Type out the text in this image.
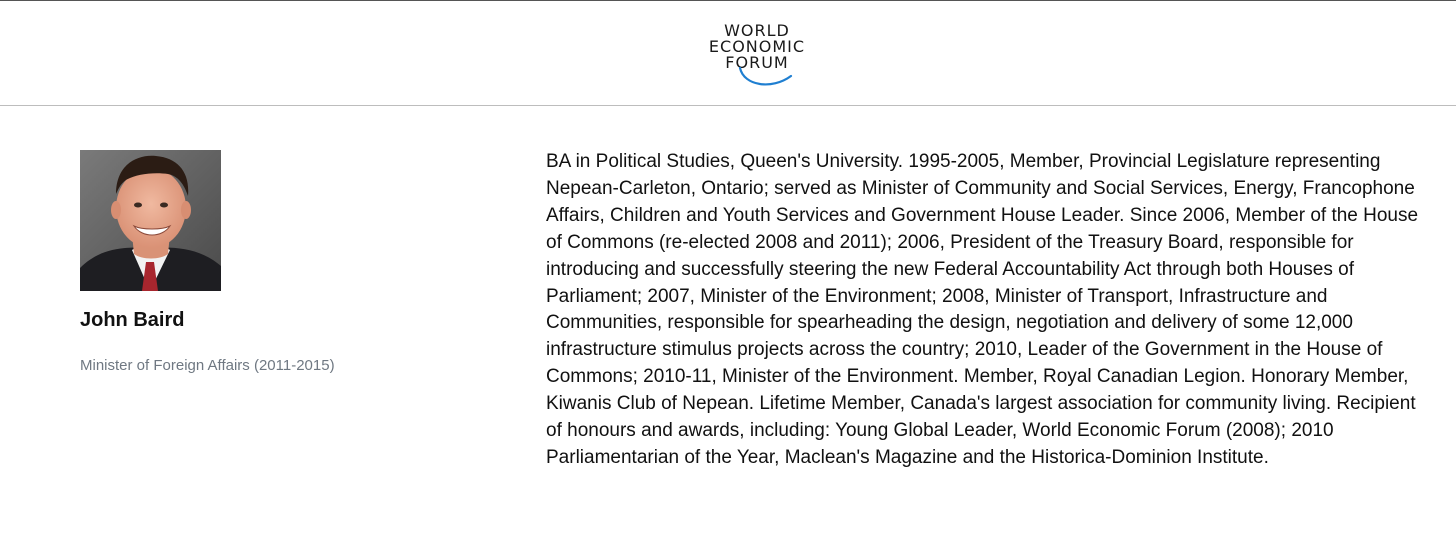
WORLD
ECONOMIC
FORUM
John Baird
Minister of Foreign Affairs (2011-2015)

BA in Political Studies, Queen's University. 1995-2005, Member, Provincial Legislature representing Nepean-Carleton, Ontario; served as Minister of Community and Social Services, Energy, Francophone Affairs, Children and Youth Services and Government House Leader. Since 2006, Member of the House of Commons (re-elected 2008 and 2011); 2006, President of the Treasury Board, responsible for introducing and successfully steering the new Federal Accountability Act through both Houses of Parliament; 2007, Minister of the Environment; 2008, Minister of Transport, Infrastructure and Communities, responsible for spearheading the design, negotiation and delivery of some 12,000 infrastructure stimulus projects across the country; 2010, Leader of the Government in the House of Commons; 2010-11, Minister of the Environment. Member, Royal Canadian Legion. Honorary Member, Kiwanis Club of Nepean. Lifetime Member, Canada's largest association for community living. Recipient of honours and awards, including: Young Global Leader, World Economic Forum (2008); 2010 Parliamentarian of the Year, Maclean's Magazine and the Historica-Dominion Institute.
